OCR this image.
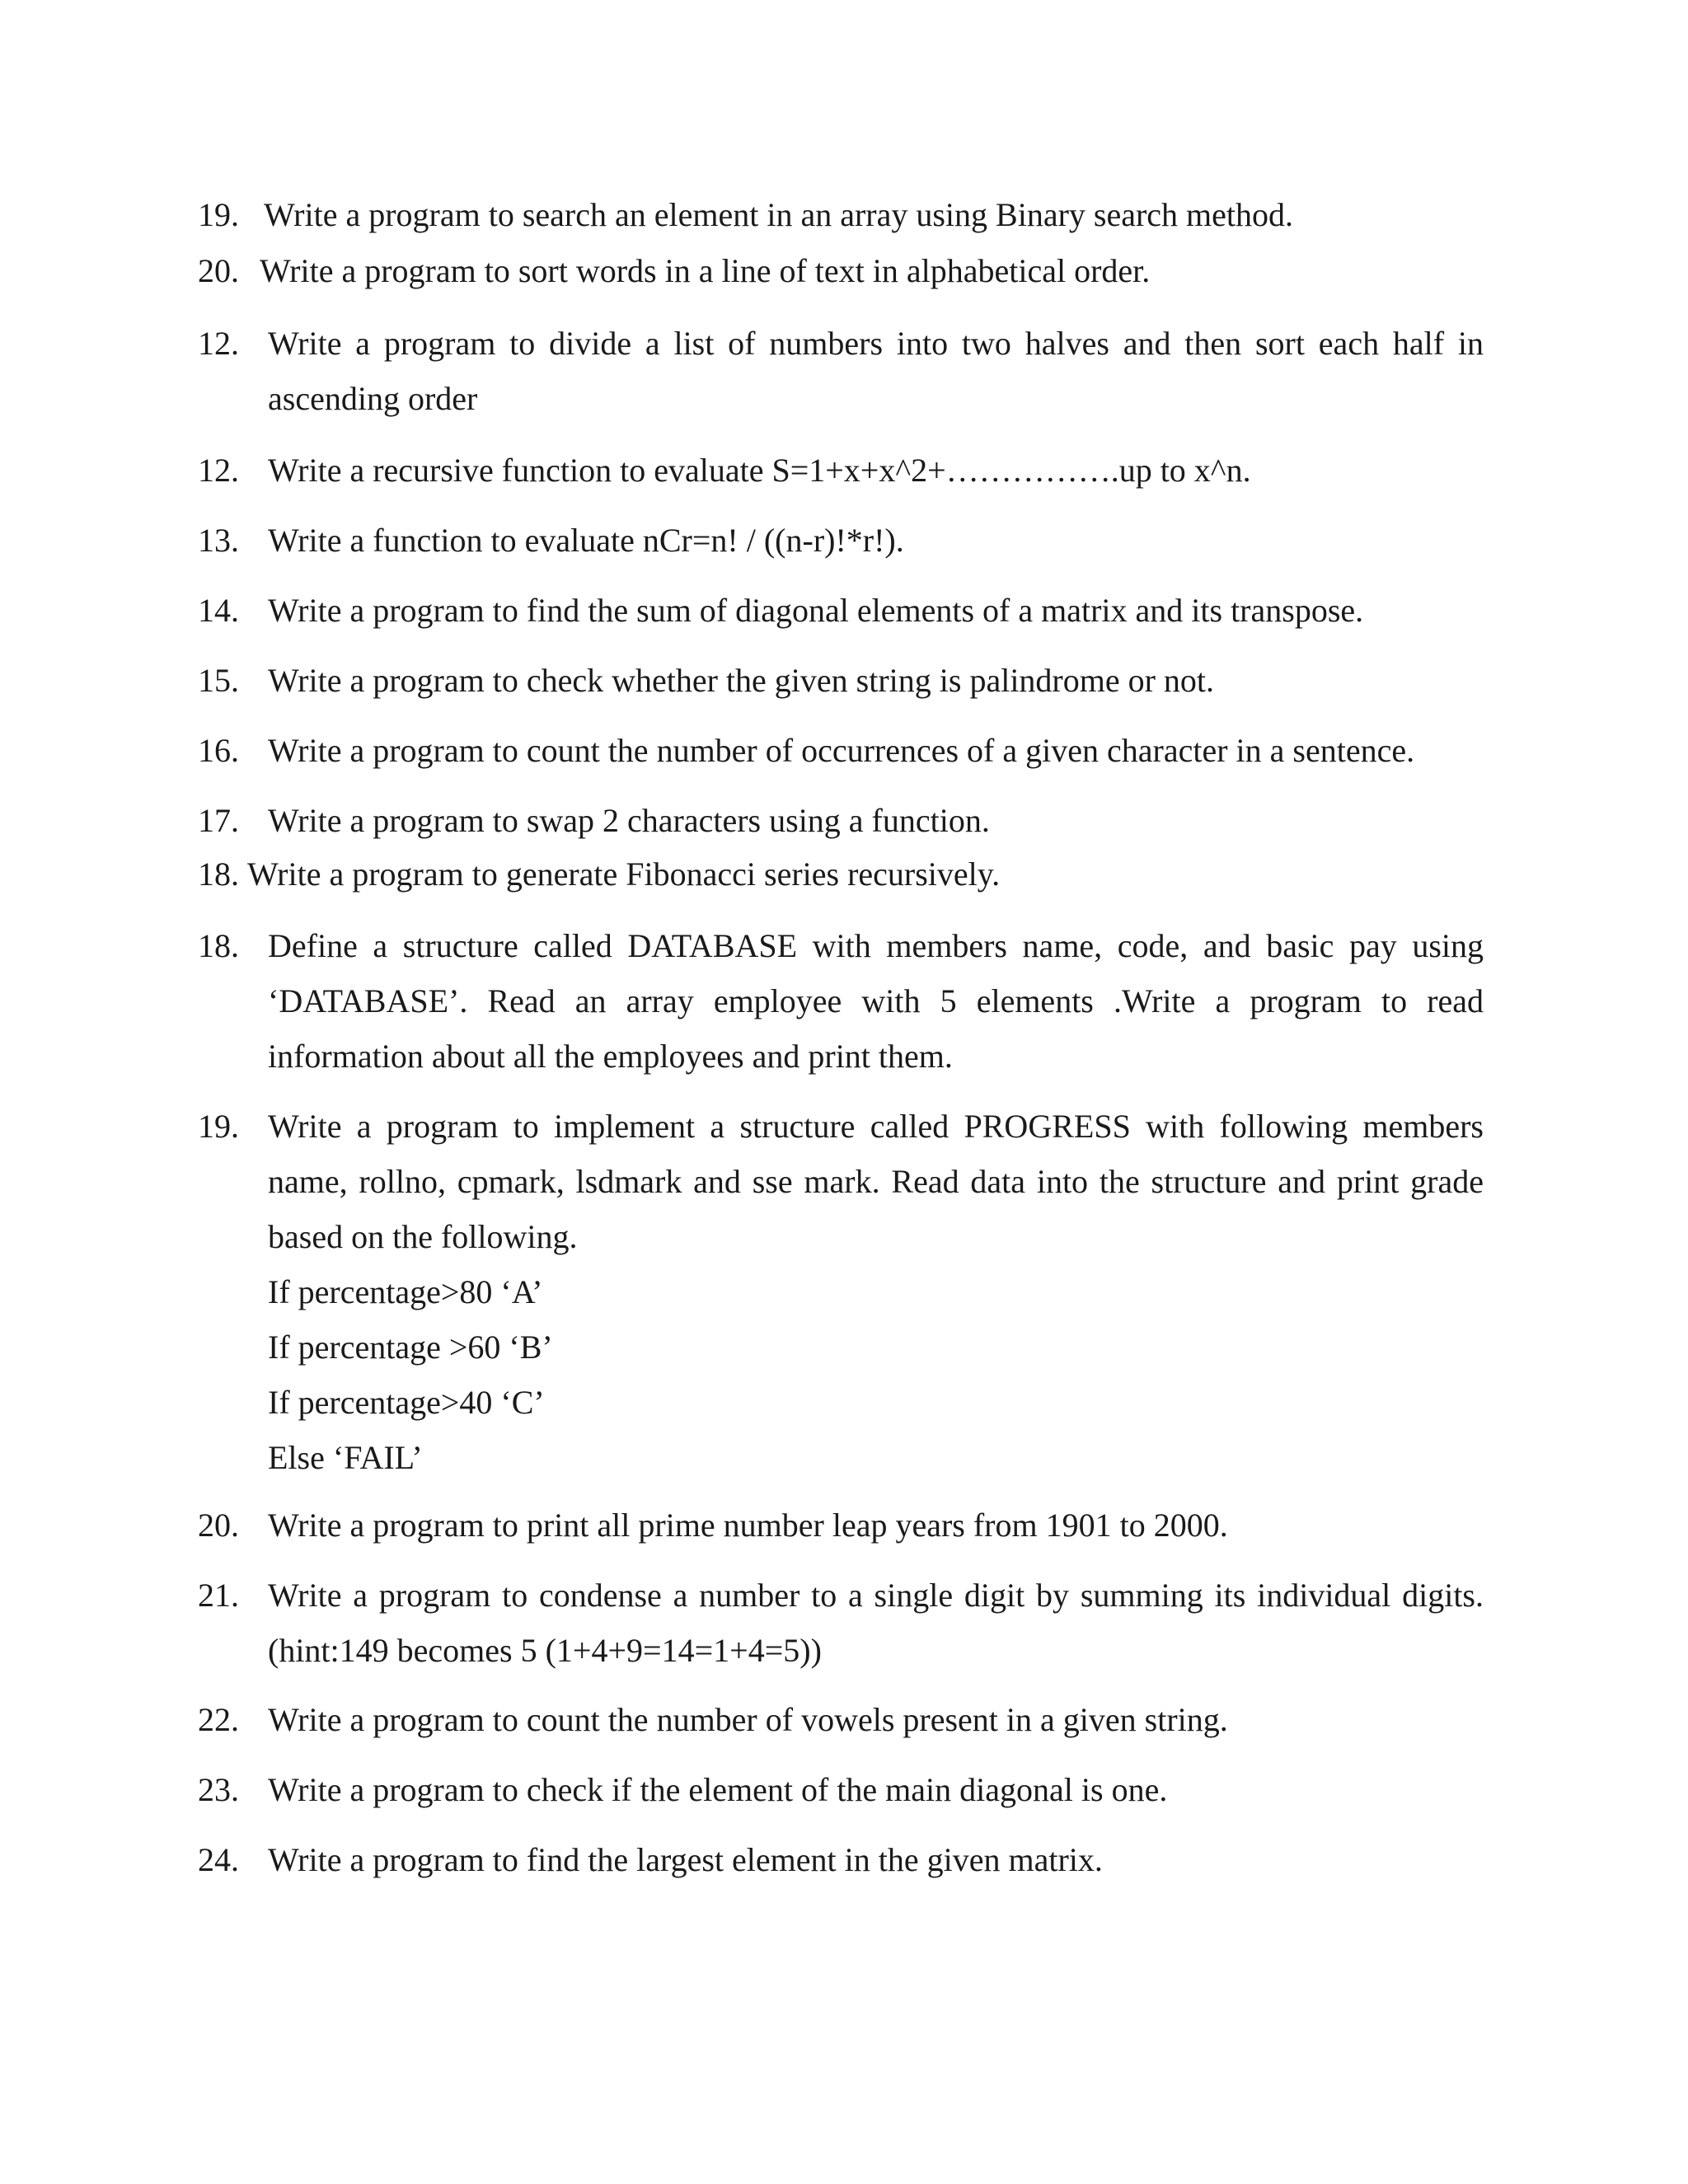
19. Write a program to search an element in an array using Binary search method.
20. Write a program to sort words in a line of text in alphabetical order.
12. Write a program to divide a list of numbers into two halves and then sort each half in ascending order
12. Write a recursive function to evaluate S=1+x+x^2+…………….up to x^n.
13. Write a function to evaluate nCr=n! / ((n-r)!*r!).
14. Write a program to find the sum of diagonal elements of a matrix and its transpose.
15. Write a program to check whether the given string is palindrome or not.
16. Write a program to count the number of occurrences of a given character in a sentence.
17. Write a program to swap 2 characters using a function.
18. Write a program to generate Fibonacci series recursively.
18. Define a structure called DATABASE with members name, code, and basic pay using ‘DATABASE’. Read an array employee with 5 elements .Write a program to read information about all the employees and print them.
19. Write a program to implement a structure called PROGRESS with following members name, rollno, cpmark, lsdmark and sse mark. Read data into the structure and print grade based on the following.
If percentage>80 ‘A’
If percentage >60 ‘B’
If percentage>40 ‘C’
Else ‘FAIL’
20. Write a program to print all prime number leap years from 1901 to 2000.
21. Write a program to condense a number to a single digit by summing its individual digits.(hint:149 becomes 5 (1+4+9=14=1+4=5))
22. Write a program to count the number of vowels present in a given string.
23. Write a program to check if the element of the main diagonal is one.
24. Write a program to find the largest element in the given matrix.
